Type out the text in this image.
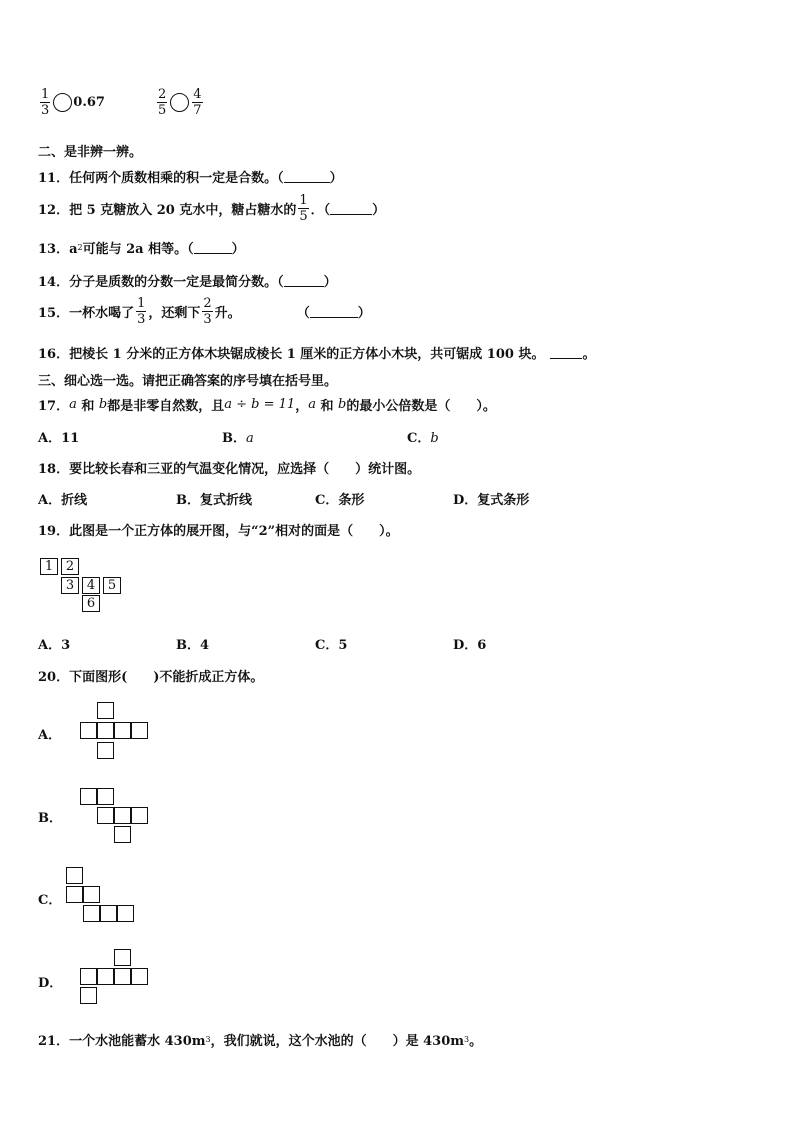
$\frac{1}{3} 0.67$	$\frac{2}{5} \frac{4}{7}$
二、是非辨一辨。
11．任何两个质数相乘的积一定是合数。（	）
12．把 5 克糖放入 20 克水中，糖占糖水的 $\frac{1}{5}$ ．（	）
13．a 2 可能与 2a 相等。（	）
14．分子是质数的分数一定是最简分数。（	）
15．一杯水喝了 $\frac{1}{3}$ ，还剩下 $\frac{2}{3}$ 升。	（	）
16．把棱长 1 分米的正方体木块锯成棱长 1 厘米的正方体小木块，共可锯成 100 块。	。
三、细心选一选。请把正确答案的序号填在括号里。
17． a 和 b 都是非零自然数，且 a ÷ b = 11 ， a 和 b 的最小公倍数是（　　）。
A．11	B．a	C．b
18．要比较长春和三亚的气温变化情况，应选择（　　）统计图。
A．折线	B．复式折线	C．条形	D．复式条形
19．此图是一个正方体的展开图，与“2”相对的面是（　　）。
1 2
3 4 5
6
A．3	B．4	C．5	D．6
20．下面图形(　　)不能折成正方体。
A．
B．
C．
D．
21．一个水池能蓄水 430m 3 ，我们就说，这个水池的（　　）是 430m 3 。
